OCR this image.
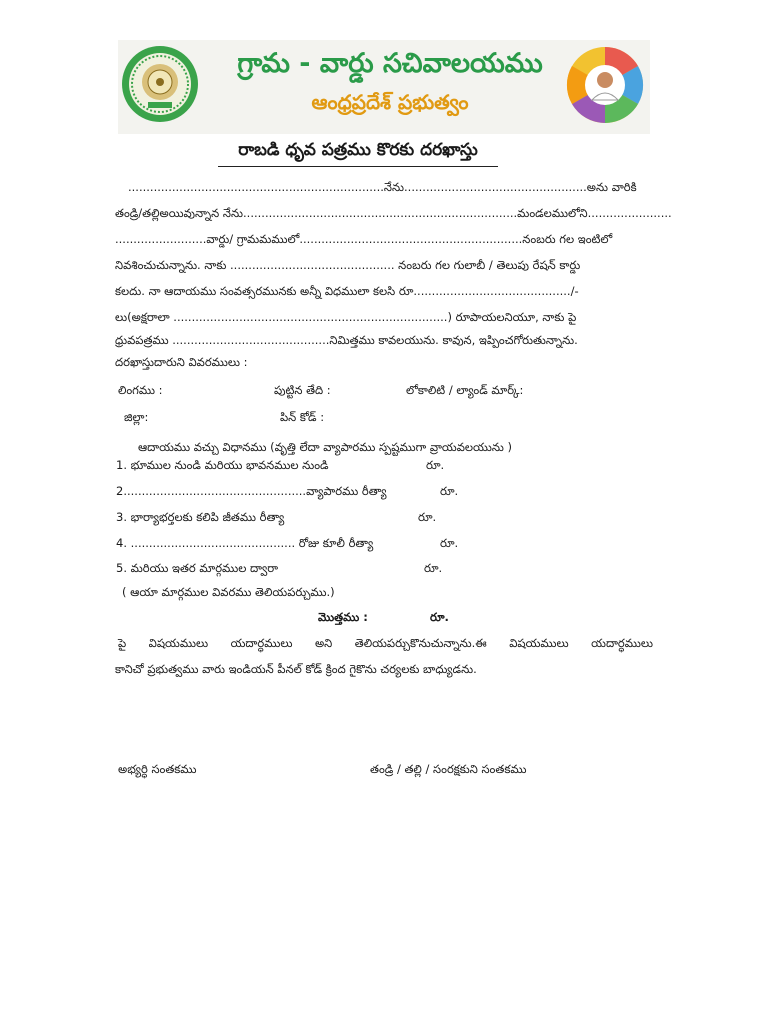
గ్రామ - వార్డు సచివాలయము
ఆంధ్రప్రదేశ్ ప్రభుత్వం
రాబడి ధృవ పత్రము కొరకు దరఖాస్తు
......................................................................నేను..................................................అను వారికి
తండ్రి/తల్లిఅయివున్నాన నేను...........................................................................మండలములోని.......................
.........................వార్డు/ గ్రామమములో.............................................................నంబరు గల ఇంటిలో
నివశించుచున్నాను. నాకు ............................................. నంబరు గల గులాబీ / తెలుపు రేషన్ కార్డు
కలదు. నా ఆదాయము సంవత్సరమునకు అన్నీ విధములా కలసి రూ.........................................../-
లు(అక్షరాలా ...........................................................................) రూపాయలనియూ, నాకు పై
ధ్రువపత్రము ...........................................నిమిత్తము కావలయును. కావున, ఇప్పించగోరుతున్నాను.
దరఖాస్తుదారుని వివరములు :
లింగము :	పుట్టిన తేది :	లోకాలిటి / ల్యాండ్ మార్క్:
జిల్లా:	పిన్ కోడ్ :
ఆదాయము వచ్చు విధానము (వృత్తి లేదా వ్యాపారము స్పష్టముగా వ్రాయవలయును )
1. భూముల నుండి మరియు భావనముల నుండి	రూ.
2..................................................వ్యాపారము రీత్యా	రూ.
3. భార్యాభర్తలకు కలిపి జీతము రీత్యా	రూ.
4. ............................................. రోజు కూలీ రీత్యా	రూ.
5. మరియు ఇతర మార్గముల ద్వారా	రూ.
( ఆయా మార్గముల వివరము తెలియపర్చుము.)
మొత్తము :	రూ.
పై విషయములు యదార్ధములు అని తెలియపర్చుకొనుచున్నాను.ఈ విషయములు యదార్ధములు
కానిచో ప్రభుత్వము వారు ఇండియన్ పీనల్ కోడ్ క్రింద గైకొను చర్యలకు బాధ్యుడను.
అభ్యర్ధి సంతకము	తండ్రి / తల్లి / సంరక్షకుని సంతకము
